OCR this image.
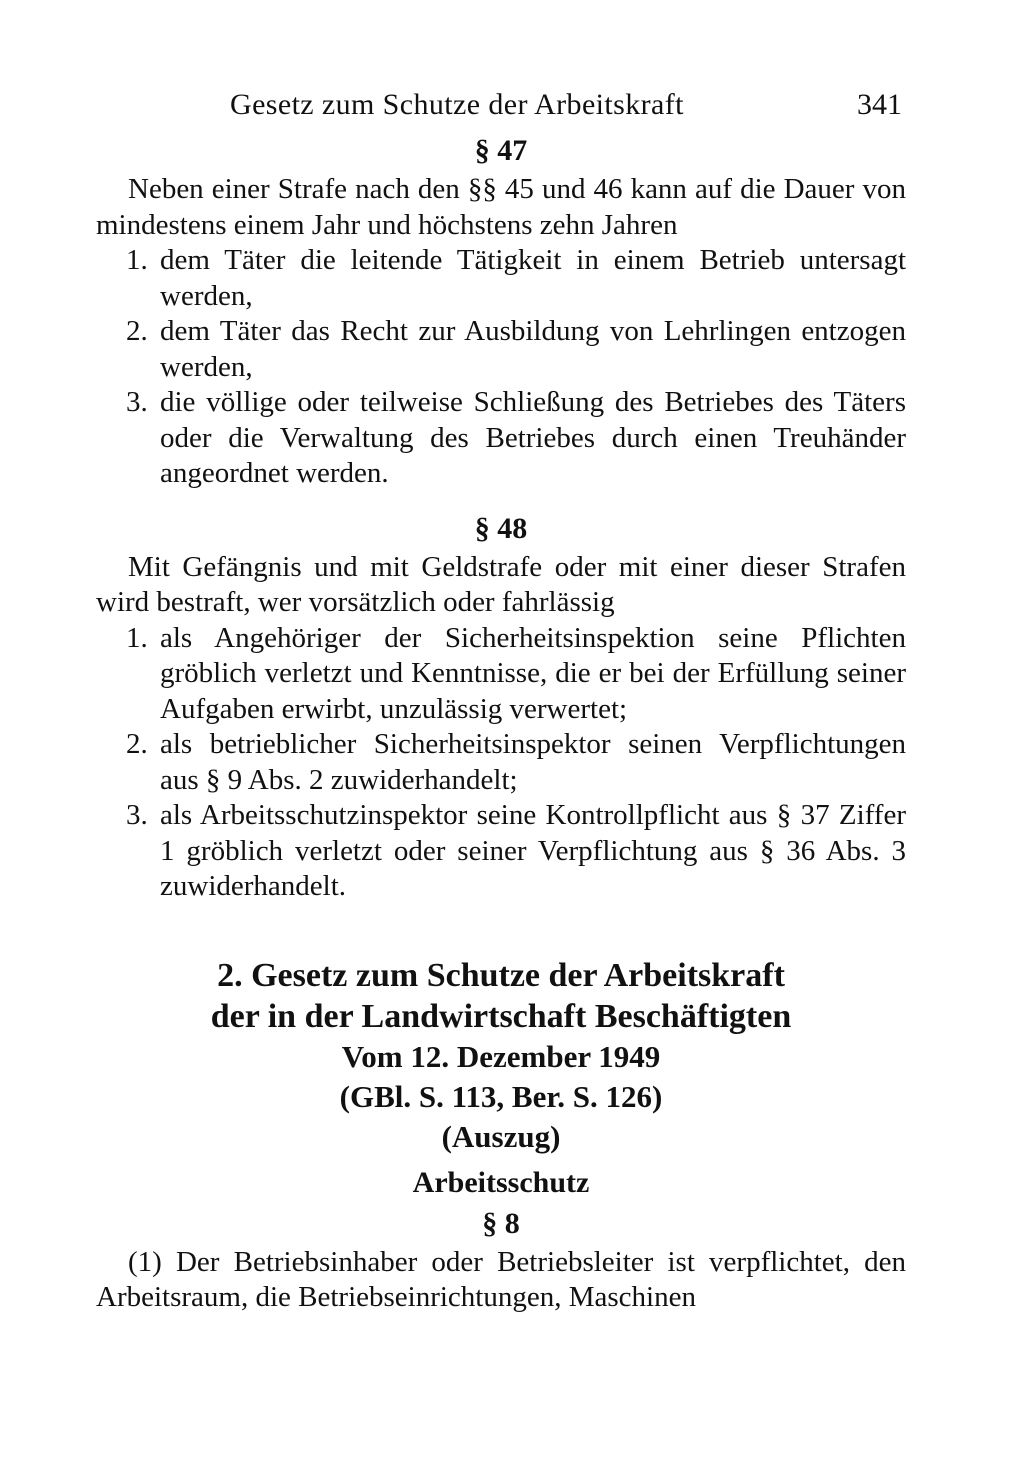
Gesetz zum Schutze der Arbeitskraft	341
§ 47

Neben einer Strafe nach den §§ 45 und 46 kann auf die Dauer von mindestens einem Jahr und höchstens zehn Jahren

1. dem Täter die leitende Tätigkeit in einem Betrieb untersagt werden,
2. dem Täter das Recht zur Ausbildung von Lehrlingen entzogen werden,
3. die völlige oder teilweise Schließung des Betriebes des Täters oder die Verwaltung des Betriebes durch einen Treuhänder angeordnet werden.
§ 48

Mit Gefängnis und mit Geldstrafe oder mit einer dieser Strafen wird bestraft, wer vorsätzlich oder fahrlässig

1. als Angehöriger der Sicherheitsinspektion seine Pflichten gröblich verletzt und Kenntnisse, die er bei der Erfüllung seiner Aufgaben erwirbt, unzulässig verwertet;
2. als betrieblicher Sicherheitsinspektor seinen Verpflichtungen aus § 9 Abs. 2 zuwiderhandelt;
3. als Arbeitsschutzinspektor seine Kontrollpflicht aus § 37 Ziffer 1 gröblich verletzt oder seiner Verpflichtung aus § 36 Abs. 3 zuwiderhandelt.
2. Gesetz zum Schutze der Arbeitskraft
der in der Landwirtschaft Beschäftigten
Vom 12. Dezember 1949
(GBl. S. 113, Ber. S. 126)
(Auszug)
Arbeitsschutz
§ 8

(1) Der Betriebsinhaber oder Betriebsleiter ist verpflichtet, den Arbeitsraum, die Betriebseinrichtungen, Maschinen
